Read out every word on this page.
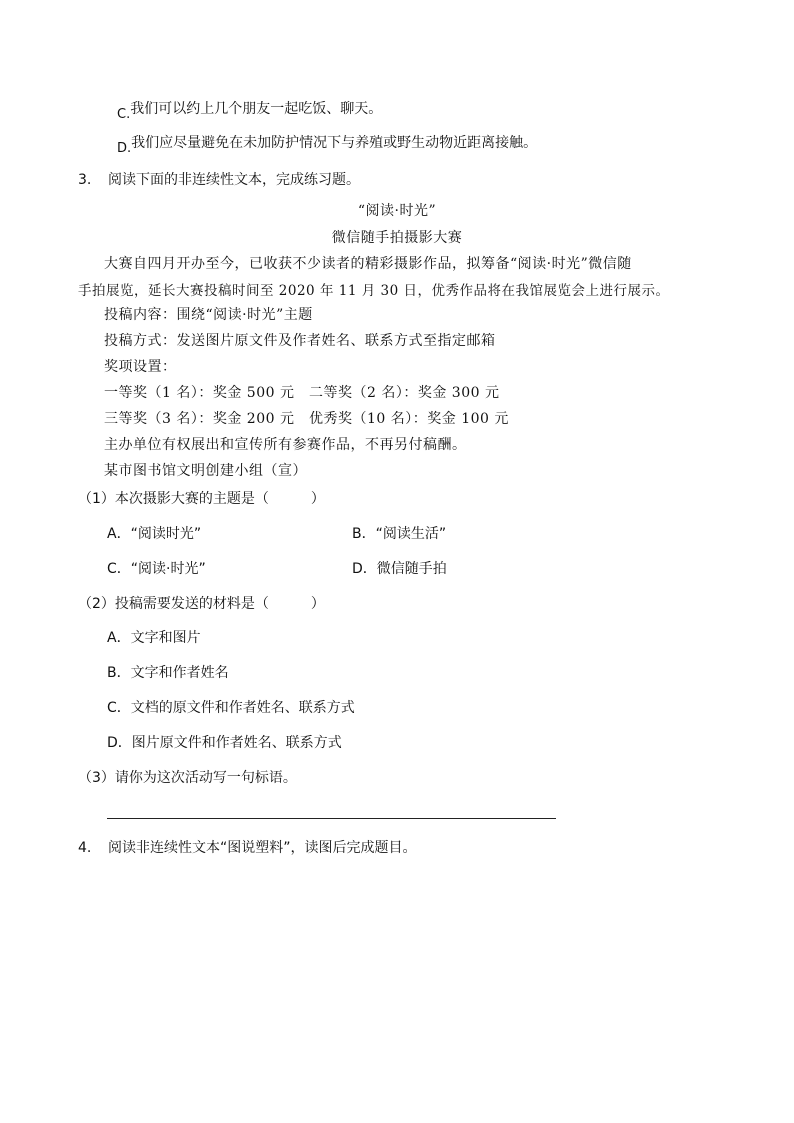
C.我们可以约上几个朋友一起吃饭、聊天。
D.我们应尽量避免在未加防护情况下与养殖或野生动物近距离接触。
3. 阅读下面的非连续性文本，完成练习题。
“阅读·时光”
微信随手拍摄影大赛
大赛自四月开办至今，已收获不少读者的精彩摄影作品，拟筹备“阅读·时光”微信随
手拍展览，延长大赛投稿时间至 2020 年 11 月 30 日，优秀作品将在我馆展览会上进行展示。
投稿内容：围绕“阅读·时光”主题
投稿方式：发送图片原文件及作者姓名、联系方式至指定邮箱
奖项设置：
一等奖（1 名）：奖金 500 元　二等奖（2 名）：奖金 300 元
三等奖（3 名）：奖金 200 元　优秀奖（10 名）：奖金 100 元
主办单位有权展出和宣传所有参赛作品，不再另付稿酬。
某市图书馆文明创建小组（宣）
（1）本次摄影大赛的主题是（　　　）
A．“阅读时光”	B．“阅读生活”
C．“阅读·时光”	D．微信随手拍
（2）投稿需要发送的材料是（　　　）
A．文字和图片
B．文字和作者姓名
C．文档的原文件和作者姓名、联系方式
D．图片原文件和作者姓名、联系方式
（3）请你为这次活动写一句标语。
4. 阅读非连续性文本“图说塑料”，读图后完成题目。
